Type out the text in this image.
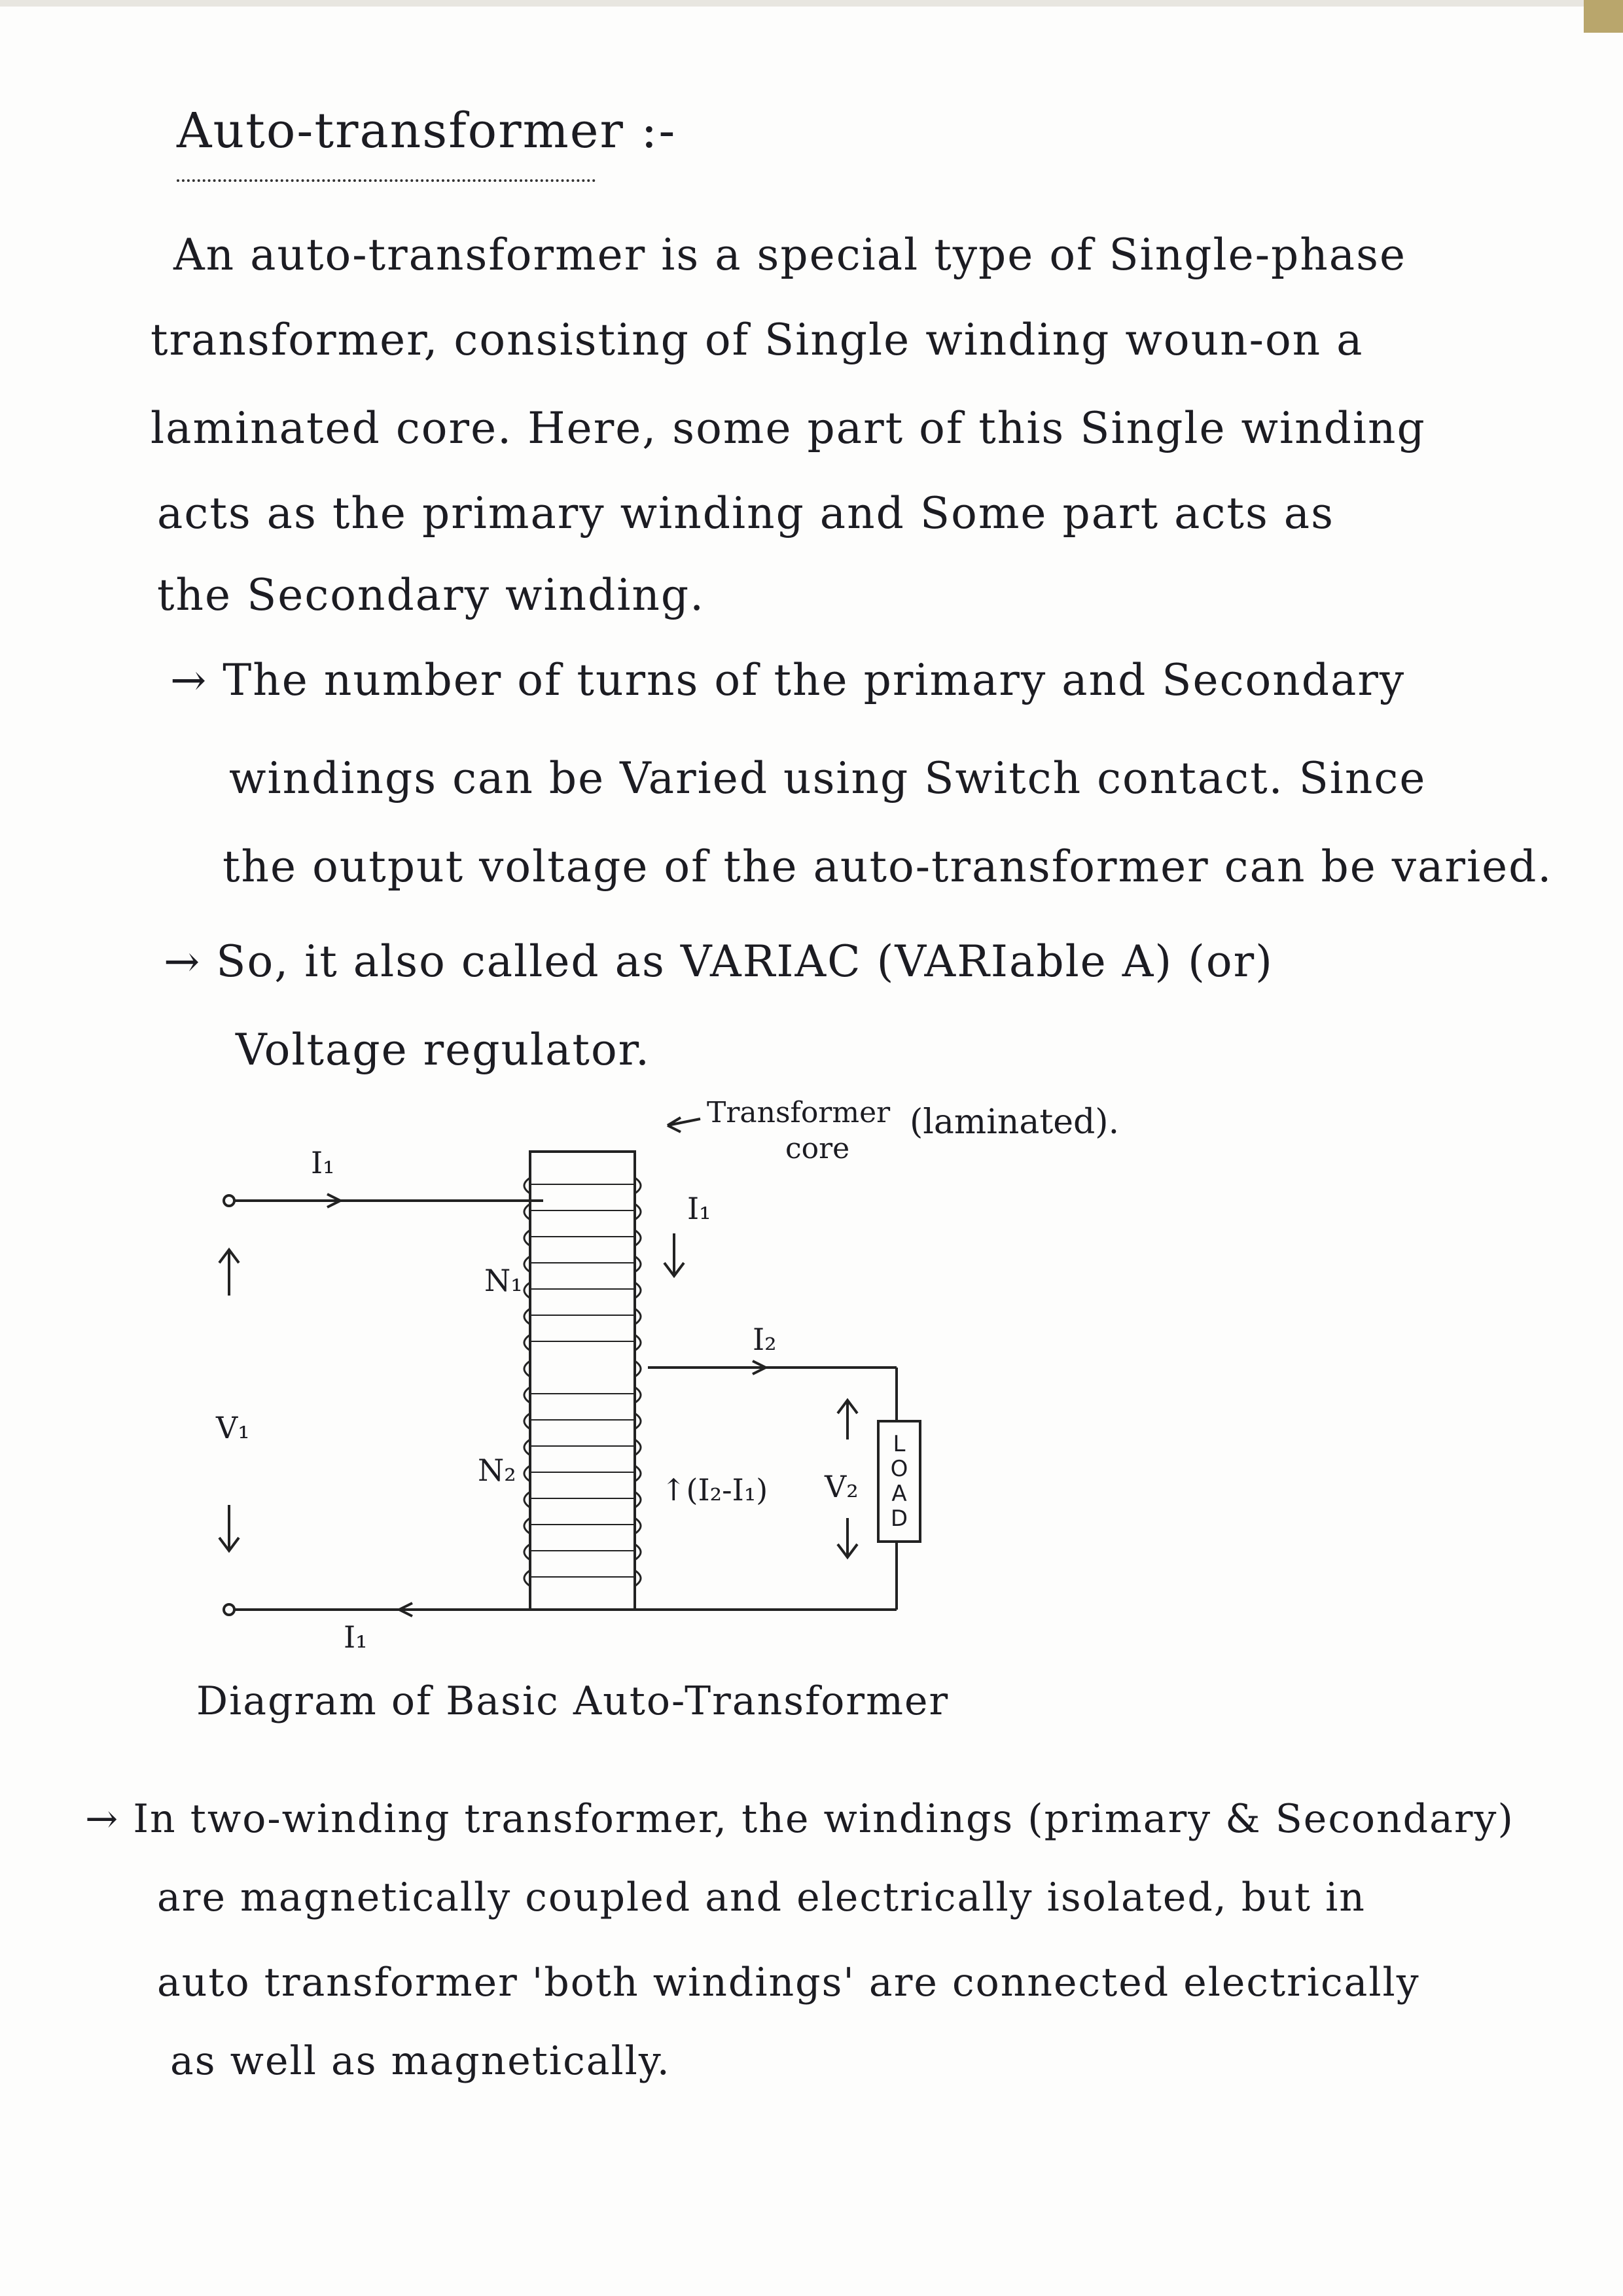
Auto-transformer :-
An auto-transformer is a special type of Single-phase
transformer, consisting of Single winding woun-on a
laminated core. Here, some part of this Single winding
acts as the primary winding and Some part acts as
the Secondary winding.
→ The number of turns of the primary and Secondary
windings can be Varied using Switch contact. Since
the output voltage of the auto-transformer can be varied.
→ So, it also called as VARIAC (VARIable A) (or)
Voltage regulator.
I₁
I₁
I₁
N₁
N₂
V₁
I₂
↑(I₂-I₁) V₂
Transformer
core
(laminated).
L
O
A
D
Diagram of Basic Auto-Transformer
→ In two-winding transformer, the windings (primary & Secondary)
are magnetically coupled and electrically isolated, but in
auto transformer 'both windings' are connected electrically
as well as magnetically.
